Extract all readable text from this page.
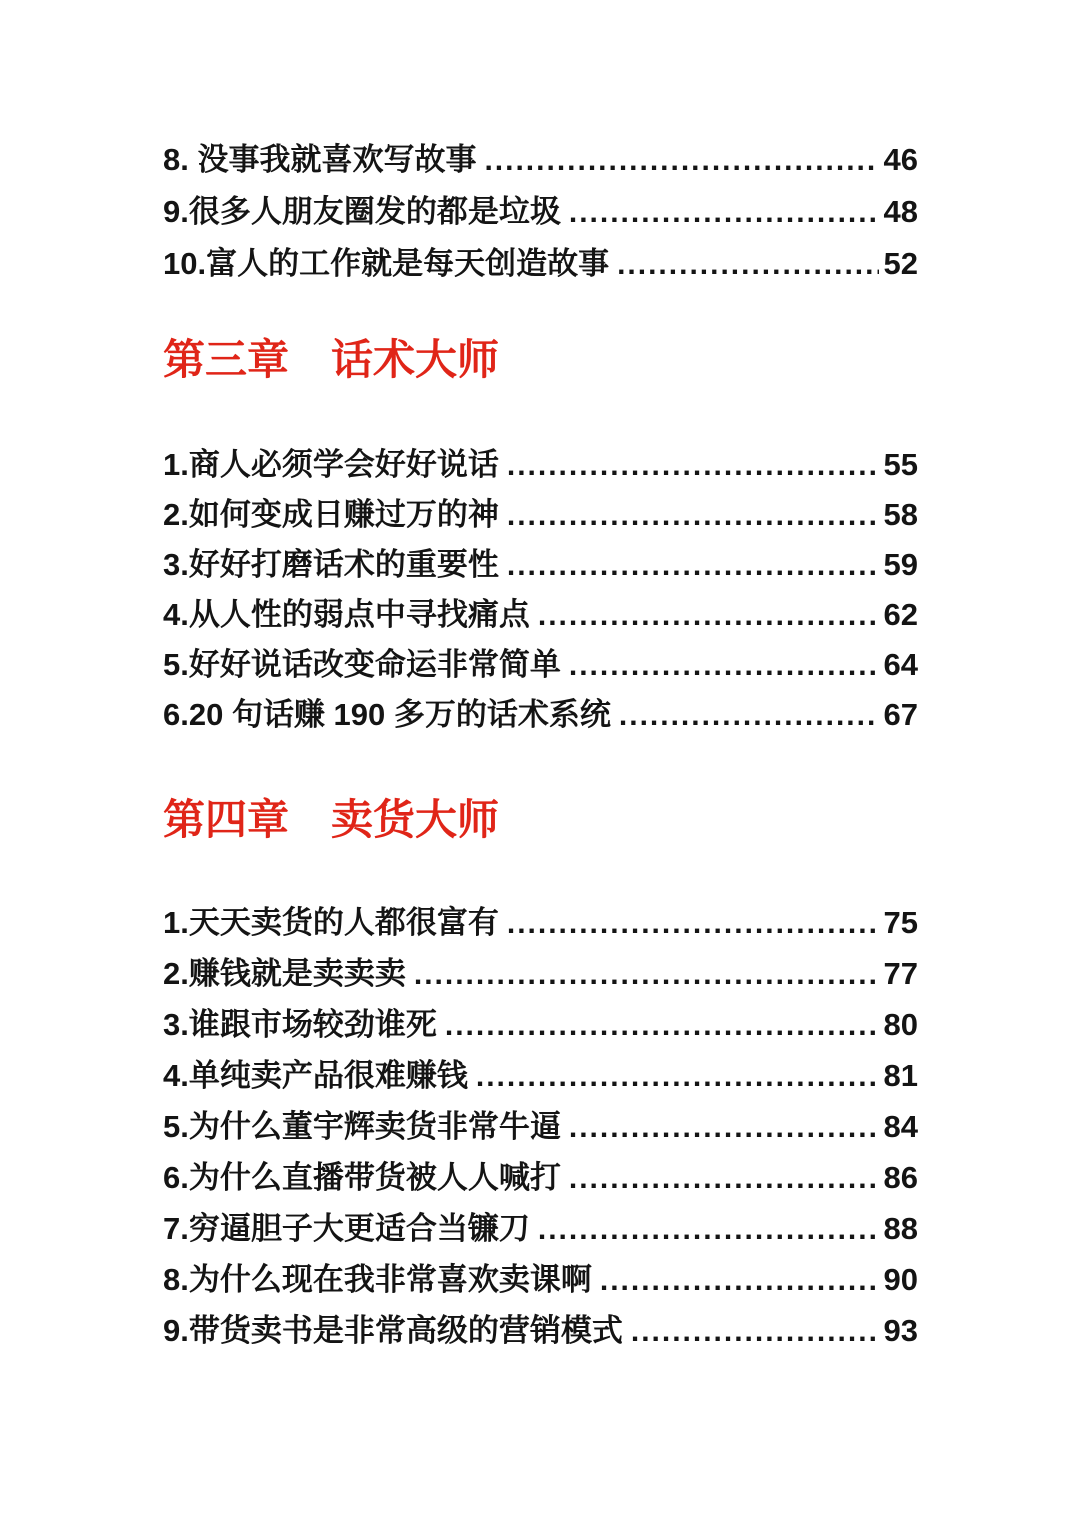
8. 没事我就喜欢写故事 .....	46
9.很多人朋友圈发的都是垃圾 .....	48
10.富人的工作就是每天创造故事 .....	52
第三章　话术大师
1.商人必须学会好好说话 .....	55
2.如何变成日赚过万的神 .....	58
3.好好打磨话术的重要性 .....	59
4.从人性的弱点中寻找痛点 .....	62
5.好好说话改变命运非常简单 .....	64
6.20 句话赚 190 多万的话术系统 .....	67
第四章　卖货大师
1.天天卖货的人都很富有 .....	75
2.赚钱就是卖卖卖 .....	77
3.谁跟市场较劲谁死 .....	80
4.单纯卖产品很难赚钱 .....	81
5.为什么董宇辉卖货非常牛逼 .....	84
6.为什么直播带货被人人喊打 .....	86
7.穷逼胆子大更适合当镰刀 .....	88
8.为什么现在我非常喜欢卖课啊 .....	90
9.带货卖书是非常高级的营销模式 .....	93
